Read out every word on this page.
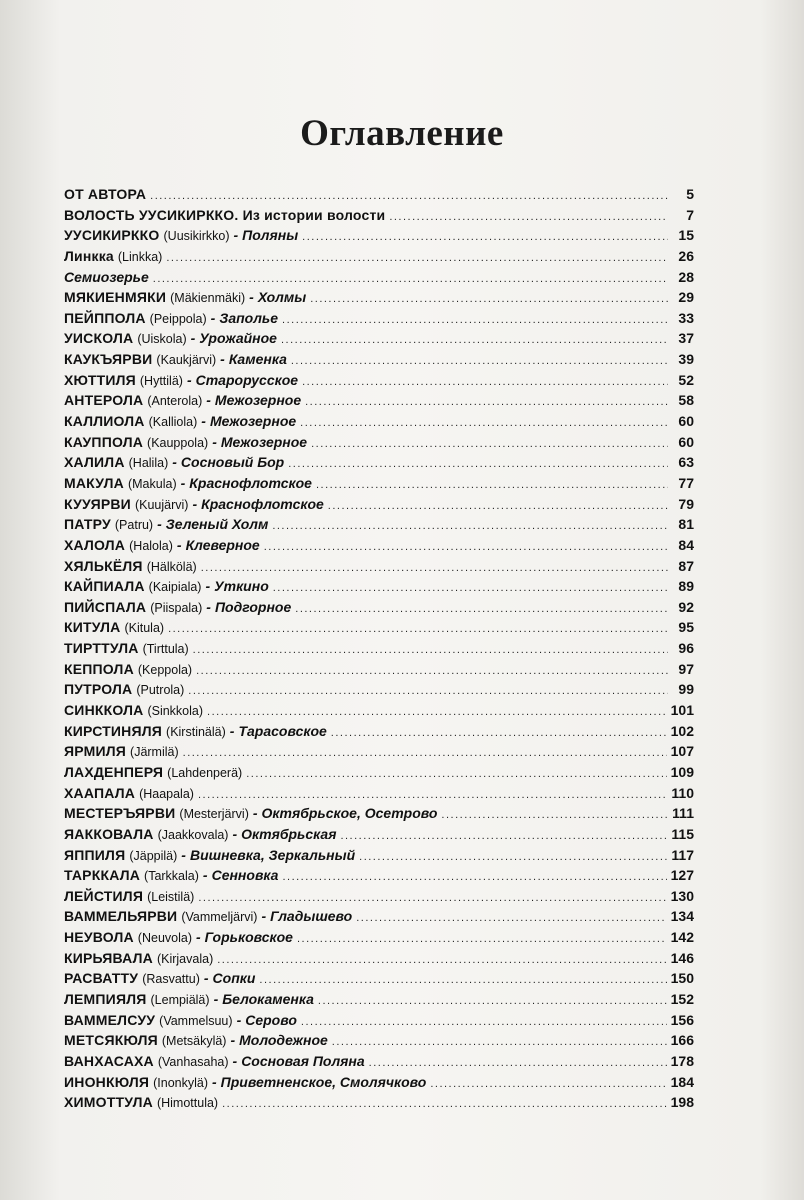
Оглавление
ОТ АВТОРА .....	5
ВОЛОСТЬ УУСИКИРККО. Из истории волости .....	7
УУСИКИРККО (Uusikirkko) - Поляны .....	15
Линкка (Linkka) .....	26
Семиозерье .....	28
МЯКИЕНМЯКИ (Mäkienmäki) - Холмы .....	29
ПЕЙППОЛА (Peippola) - Заполье .....	33
УИСКОЛА (Uiskola) - Урожайное .....	37
КАУКЪЯРВИ (Kaukjärvi) - Каменка .....	39
ХЮТТИЛЯ (Hyttilä) - Старорусское .....	52
АНТЕРОЛА (Anterola) - Межозерное .....	58
КАЛЛИОЛА (Kalliola) - Межозерное .....	60
КАУППОЛА (Kauppola) - Межозерное .....	60
ХАЛИЛА (Halila) - Сосновый Бор .....	63
МАКУЛА (Makula) - Краснофлотское .....	77
КУУЯРВИ (Kuujärvi) - Краснофлотское .....	79
ПАТРУ (Patru) - Зеленый Холм .....	81
ХАЛОЛА (Halola) - Клеверное .....	84
ХЯЛЬКЁЛЯ (Hälkölä) .....	87
КАЙПИАЛА (Kaipiala) - Уткино .....	89
ПИЙСПАЛА (Piispala) - Подгорное .....	92
КИТУЛА (Kitula) .....	95
ТИРТТУЛА (Tirttula) .....	96
КЕППОЛА (Keppola) .....	97
ПУТРОЛА (Putrola) .....	99
СИНККОЛА (Sinkkola) .....	101
КИРСТИНЯЛЯ (Kirstinälä) - Тарасовское .....	102
ЯРМИЛЯ (Järmilä) .....	107
ЛАХДЕНПЕРЯ (Lahdenperä) .....	109
ХААПАЛА (Haapala) .....	110
МЕСТЕРЪЯРВИ (Mesterjärvi) - Октябрьское, Осетрово .....	111
ЯАККОВАЛА (Jaakkovala) - Октябрьская .....	115
ЯППИЛЯ (Jäppilä) - Вишневка, Зеркальный .....	117
ТАРККАЛА (Tarkkala) - Сенновка .....	127
ЛЕЙСТИЛЯ (Leistilä) .....	130
ВАММЕЛЬЯРВИ (Vammeljärvi) - Гладышево .....	134
НЕУВОЛА (Neuvola) - Горьковское .....	142
КИРЬЯВАЛА (Kirjavala) .....	146
РАСВАТТУ (Rasvattu) - Сопки .....	150
ЛЕМПИЯЛЯ (Lempiälä) - Белокаменка .....	152
ВАММЕЛСУУ (Vammelsuu) - Серово .....	156
МЕТСЯКЮЛЯ (Metsäkylä) - Молодежное .....	166
ВАНХАСАХА (Vanhasaha) - Сосновая Поляна .....	178
ИНОНКЮЛЯ (Inonkylä) - Приветненское, Смолячково .....	184
ХИМОТТУЛА (Himottula) .....	198
